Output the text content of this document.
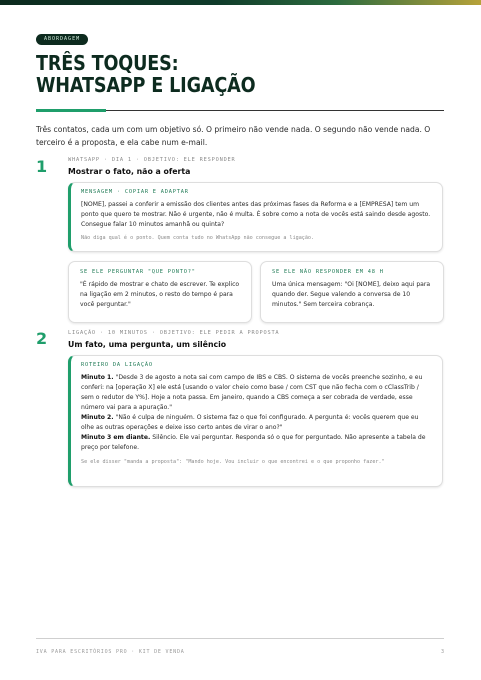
ABORDAGEM
TRÊS TOQUES:
WHATSAPP E LIGAÇÃO

Três contatos, cada um com um objetivo só. O primeiro não vende nada. O segundo não vende nada. O terceiro é a proposta, e ela cabe num e-mail.

1	WHATSAPP · DIA 1 · OBJETIVO: ELE RESPONDER
Mostrar o fato, não a oferta
MENSAGEM · COPIAR E ADAPTAR
[NOME], passei a conferir a emissão dos clientes antes das próximas fases da Reforma e a [EMPRESA] tem um ponto que quero te mostrar. Não é urgente, não é multa. É sobre como a nota de vocês está saindo desde agosto. Consegue falar 10 minutos amanhã ou quinta?
Não diga qual é o ponto. Quem conta tudo no WhatsApp não consegue a ligação.
SE ELE PERGUNTAR "QUE PONTO?"
"É rápido de mostrar e chato de escrever. Te explico na ligação em 2 minutos, o resto do tempo é para você perguntar."
SE ELE NÃO RESPONDER EM 48 H
Uma única mensagem: "Oi [NOME], deixo aqui para quando der. Segue valendo a conversa de 10 minutos." Sem terceira cobrança.
2	LIGAÇÃO · 10 MINUTOS · OBJETIVO: ELE PEDIR A PROPOSTA
Um fato, uma pergunta, um silêncio
ROTEIRO DA LIGAÇÃO
Minuto 1. "Desde 3 de agosto a nota sai com campo de IBS e CBS. O sistema de vocês preenche sozinho, e eu conferi: na [operação X] ele está [usando o valor cheio como base / com CST que não fecha com o cClassTrib / sem o redutor de Y%]. Hoje a nota passa. Em janeiro, quando a CBS começa a ser cobrada de verdade, esse número vai para a apuração."
Minuto 2. "Não é culpa de ninguém. O sistema faz o que foi configurado. A pergunta é: vocês querem que eu olhe as outras operações e deixe isso certo antes de virar o ano?"
Minuto 3 em diante. Silêncio. Ele vai perguntar. Responda só o que for perguntado. Não apresente a tabela de preço por telefone.
Se ele disser "manda a proposta": "Mando hoje. Vou incluir o que encontrei e o que proponho fazer."
IVA PARA ESCRITÓRIOS PRO · KIT DE VENDA	3
